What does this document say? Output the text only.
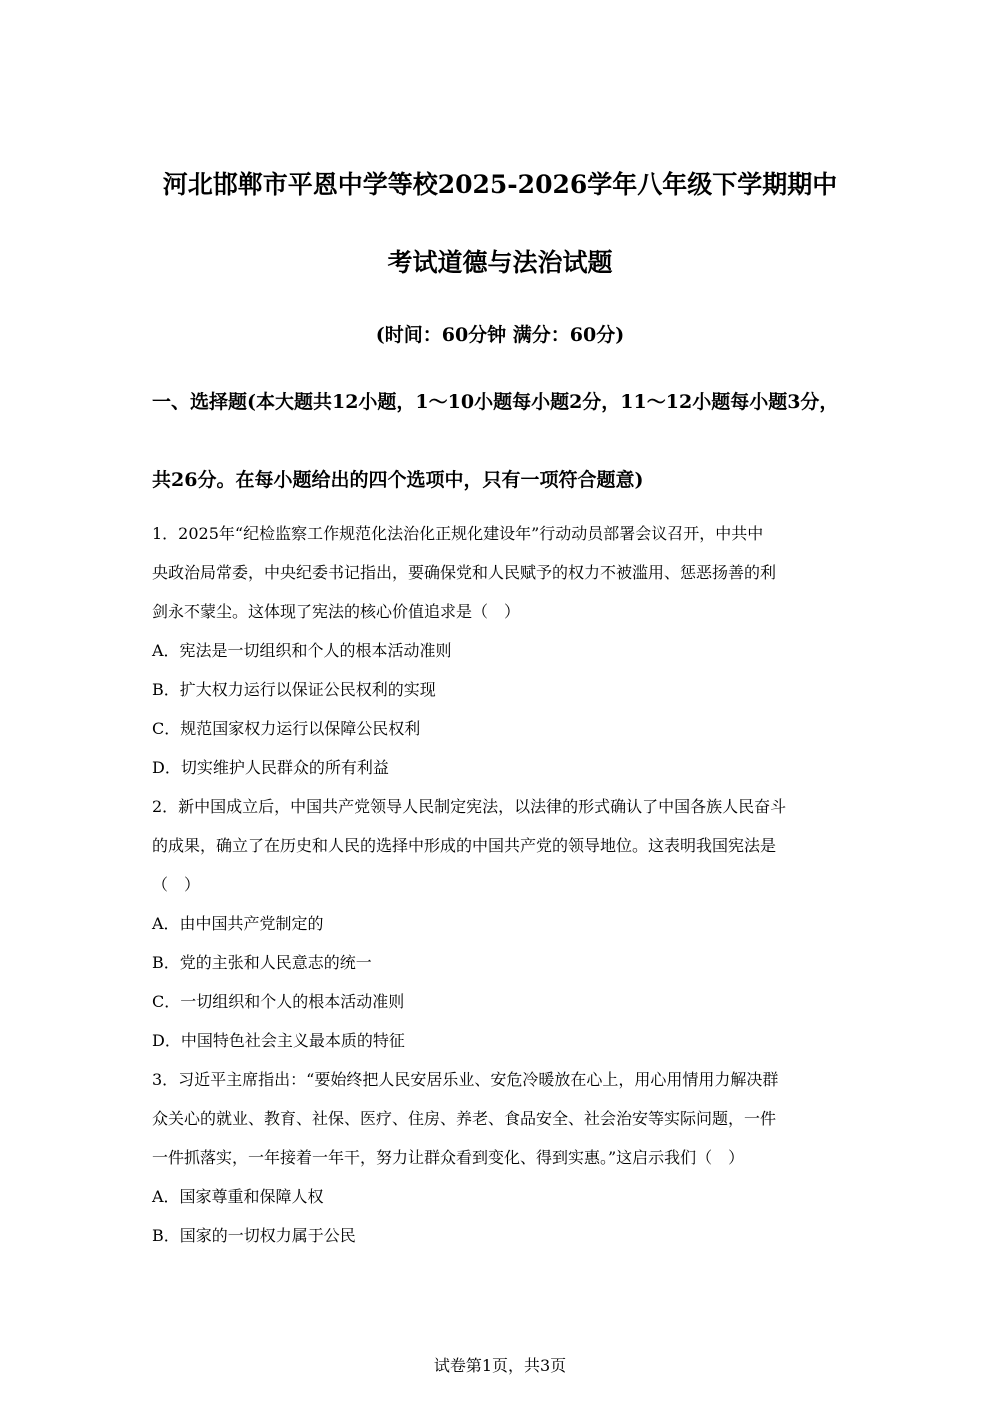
河北邯郸市平恩中学等校2025-2026学年八年级下学期期中
考试道德与法治试题
(时间：60分钟 满分：60分)
一、选择题(本大题共12小题，1～10小题每小题2分，11～12小题每小题3分，
共26分。在每小题给出的四个选项中，只有一项符合题意)
1．2025年“纪检监察工作规范化法治化正规化建设年”行动动员部署会议召开，中共中
央政治局常委，中央纪委书记指出，要确保党和人民赋予的权力不被滥用、惩恶扬善的利
剑永不蒙尘。这体现了宪法的核心价值追求是（　）
A．宪法是一切组织和个人的根本活动准则
B．扩大权力运行以保证公民权利的实现
C．规范国家权力运行以保障公民权利
D．切实维护人民群众的所有利益
2．新中国成立后，中国共产党领导人民制定宪法，以法律的形式确认了中国各族人民奋斗
的成果，确立了在历史和人民的选择中形成的中国共产党的领导地位。这表明我国宪法是
（　）
A．由中国共产党制定的
B．党的主张和人民意志的统一
C．一切组织和个人的根本活动准则
D．中国特色社会主义最本质的特征
3．习近平主席指出：“要始终把人民安居乐业、安危冷暖放在心上，用心用情用力解决群
众关心的就业、教育、社保、医疗、住房、养老、食品安全、社会治安等实际问题，一件
一件抓落实，一年接着一年干，努力让群众看到变化、得到实惠。”这启示我们（　）
A．国家尊重和保障人权
B．国家的一切权力属于公民
试卷第1页，共3页
